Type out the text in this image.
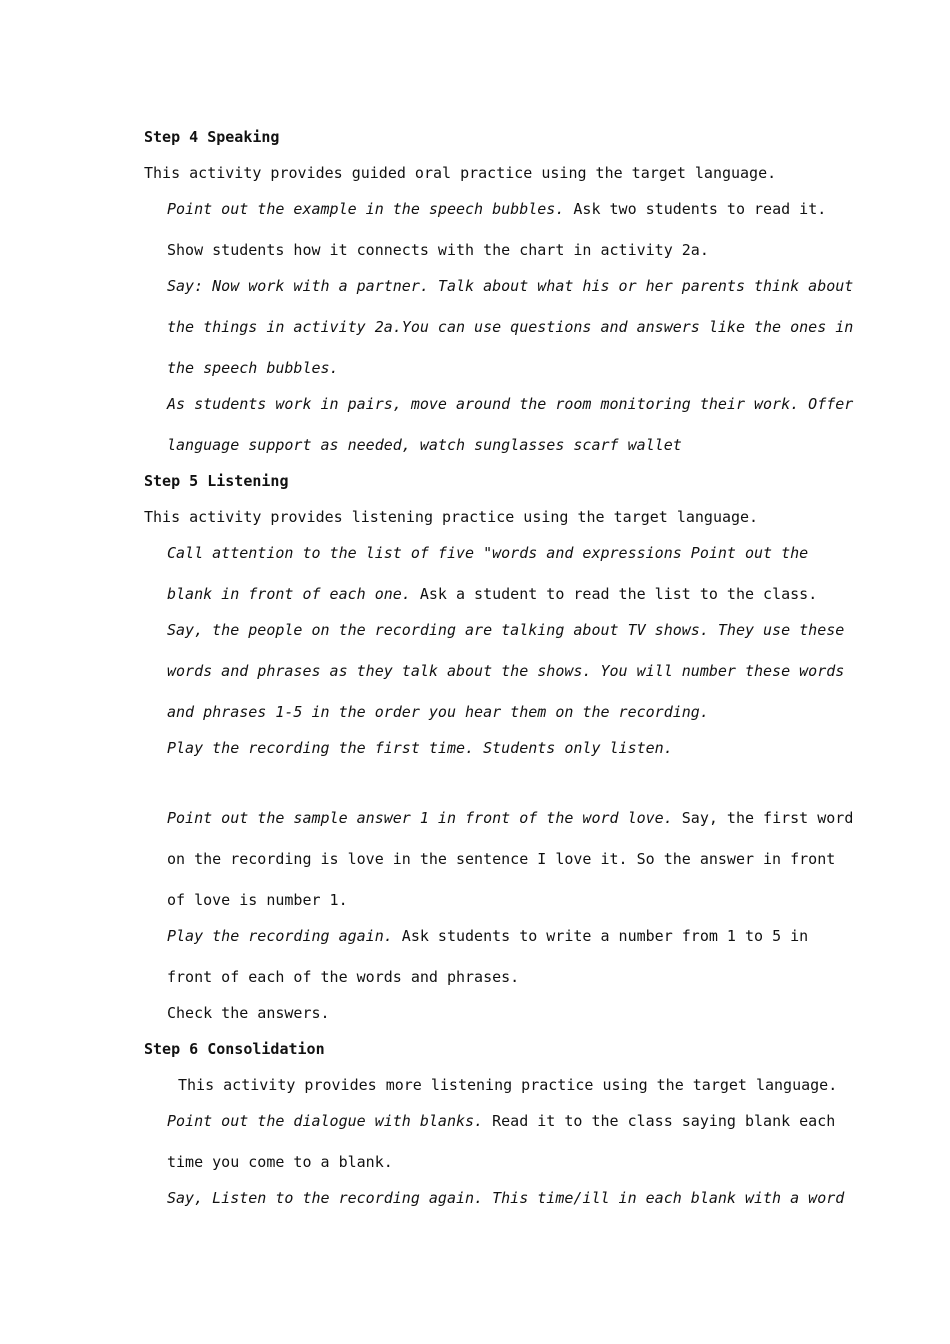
Step 4 Speaking
This activity provides guided oral practice using the target language.
Point out the example in the speech bubbles. Ask two students to read it.
Show students how it connects with the chart in activity 2a.
Say: Now work with a partner. Talk about what his or her parents think about
the things in activity 2a.You can use questions and answers like the ones in
the speech bubbles.
As students work in pairs, move around the room monitoring their work. Offer
language support as needed, watch sunglasses scarf wallet
Step 5 Listening
This activity provides listening practice using the target language.
Call attention to the list of five "words and expressions Point out the
blank in front of each one. Ask a student to read the list to the class.
Say, the people on the recording are talking about TV shows. They use these
words and phrases as they talk about the shows. You will number these words
and phrases 1-5 in the order you hear them on the recording.
Play the recording the first time. Students only listen.
Point out the sample answer 1 in front of the word love. Say, the first word
on the recording is love in the sentence I love it. So the answer in front
of love is number 1.
Play the recording again. Ask students to write a number from 1 to 5 in
front of each of the words and phrases.
Check the answers.
Step 6 Consolidation
This activity provides more listening practice using the target language.
Point out the dialogue with blanks. Read it to the class saying blank each
time you come to a blank.
Say, Listen to the recording again. This time/ill in each blank with a word
